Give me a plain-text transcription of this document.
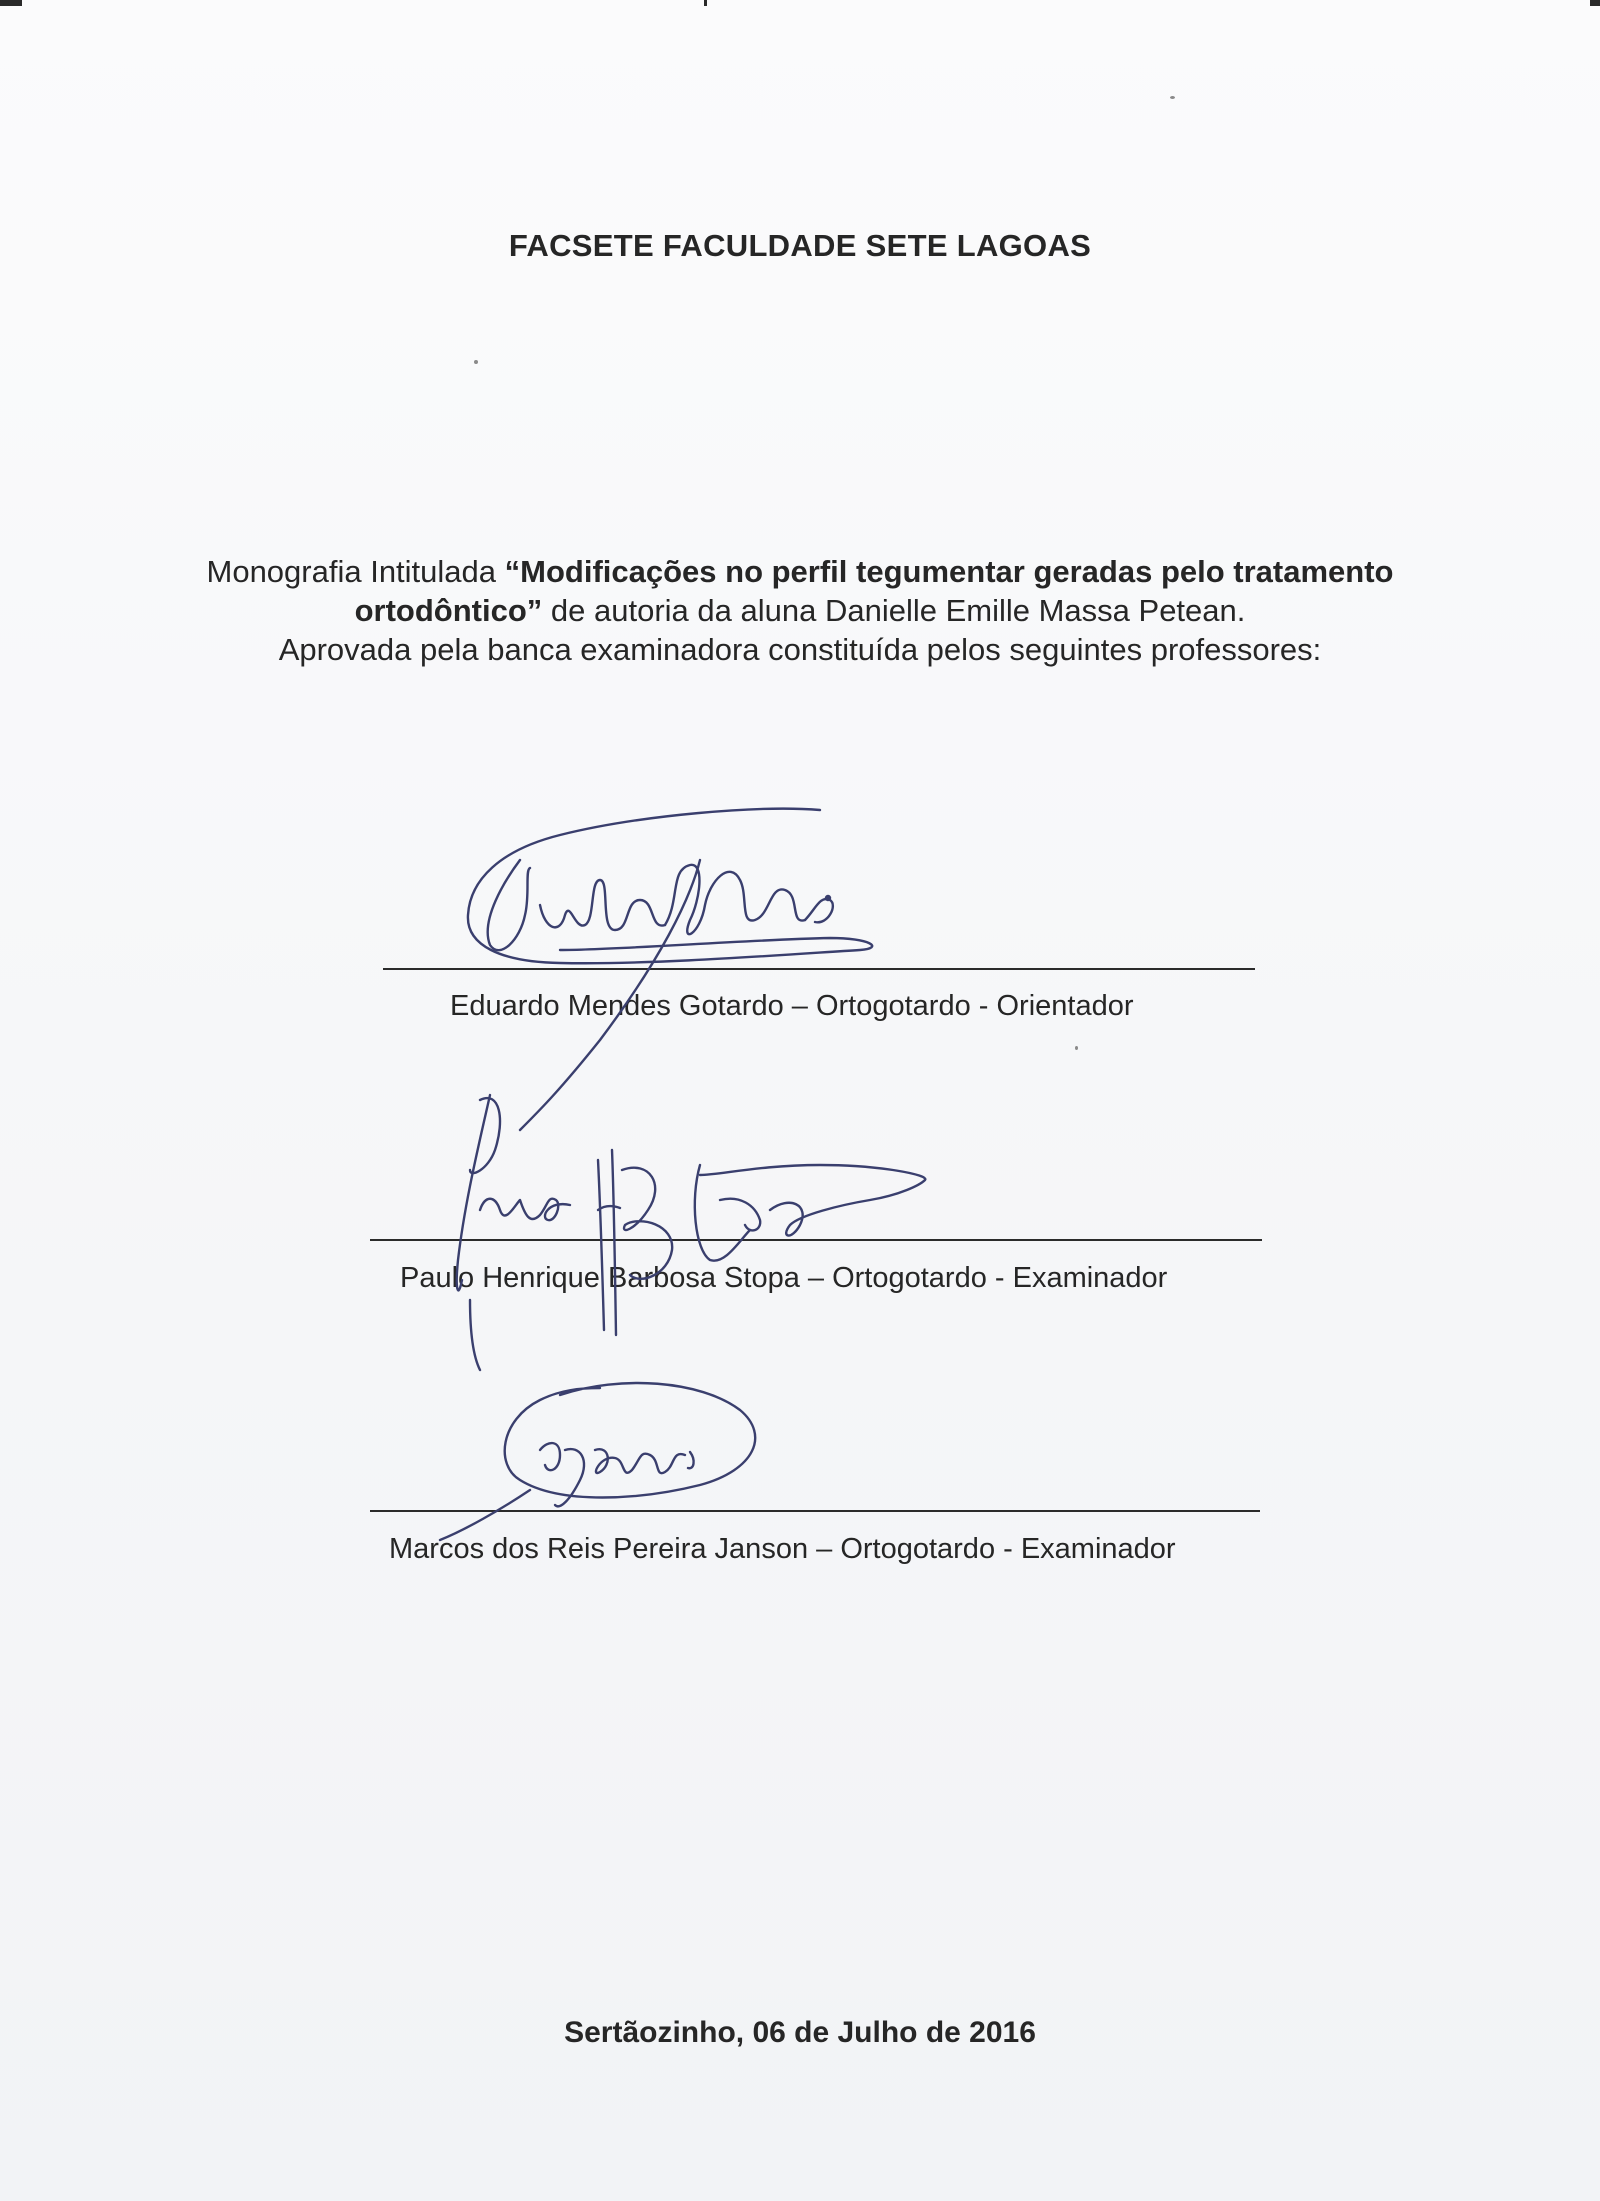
FACSETE FACULDADE SETE LAGOAS
Monografia Intitulada “Modificações no perfil tegumentar geradas pelo tratamento ortodôntico” de autoria da aluna Danielle Emille Massa Petean.
Aprovada pela banca examinadora constituída pelos seguintes professores:
Eduardo Mendes Gotardo – Ortogotardo - Orientador
Paulo Henrique Barbosa Stopa – Ortogotardo - Examinador
Marcos dos Reis Pereira Janson – Ortogotardo - Examinador
Sertãozinho, 06 de Julho de 2016
